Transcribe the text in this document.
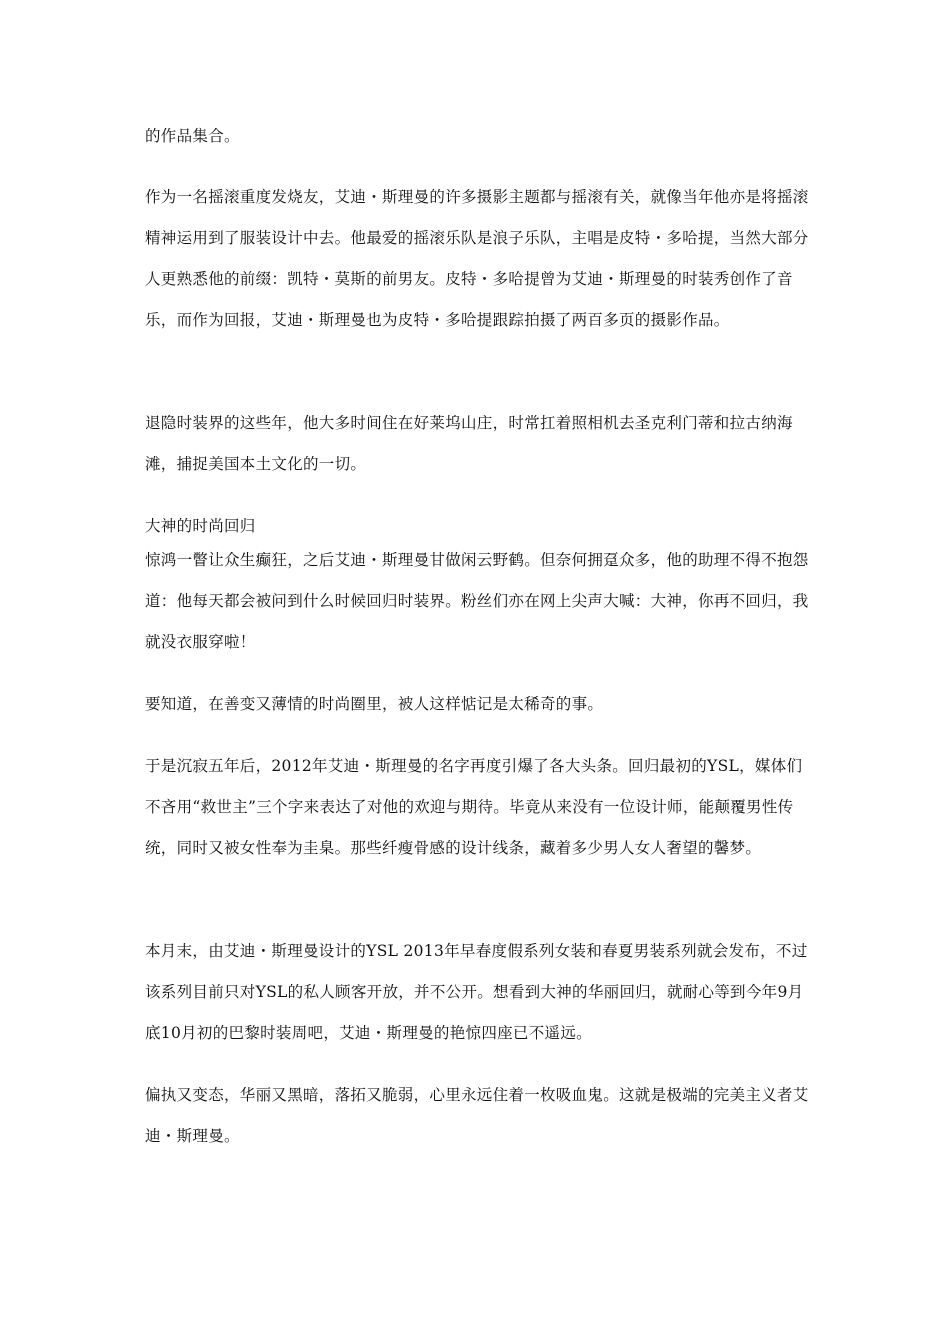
的作品集合。
作为一名摇滚重度发烧友，艾迪・斯理曼的许多摄影主题都与摇滚有关，就像当年他亦是将摇滚精神运用到了服装设计中去。他最爱的摇滚乐队是浪子乐队，主唱是皮特・多哈提，当然大部分人更熟悉他的前缀：凯特・莫斯的前男友。皮特・多哈提曾为艾迪・斯理曼的时装秀创作了音乐，而作为回报，艾迪・斯理曼也为皮特・多哈提跟踪拍摄了两百多页的摄影作品。
退隐时装界的这些年，他大多时间住在好莱坞山庄，时常扛着照相机去圣克利门蒂和拉古纳海滩，捕捉美国本土文化的一切。
大神的时尚回归
惊鸿一瞥让众生癫狂，之后艾迪・斯理曼甘做闲云野鹤。但奈何拥趸众多，他的助理不得不抱怨道：他每天都会被问到什么时候回归时装界。粉丝们亦在网上尖声大喊：大神，你再不回归，我就没衣服穿啦！
要知道，在善变又薄情的时尚圈里，被人这样惦记是太稀奇的事。
于是沉寂五年后，2012年艾迪・斯理曼的名字再度引爆了各大头条。回归最初的YSL，媒体们不吝用“救世主”三个字来表达了对他的欢迎与期待。毕竟从来没有一位设计师，能颠覆男性传统，同时又被女性奉为圭臬。那些纤瘦骨感的设计线条，藏着多少男人女人奢望的馨梦。
本月末，由艾迪・斯理曼设计的YSL 2013年早春度假系列女装和春夏男装系列就会发布，不过该系列目前只对YSL的私人顾客开放，并不公开。想看到大神的华丽回归，就耐心等到今年9月底10月初的巴黎时装周吧，艾迪・斯理曼的艳惊四座已不遥远。
偏执又变态，华丽又黑暗，落拓又脆弱，心里永远住着一枚吸血鬼。这就是极端的完美主义者艾迪・斯理曼。
